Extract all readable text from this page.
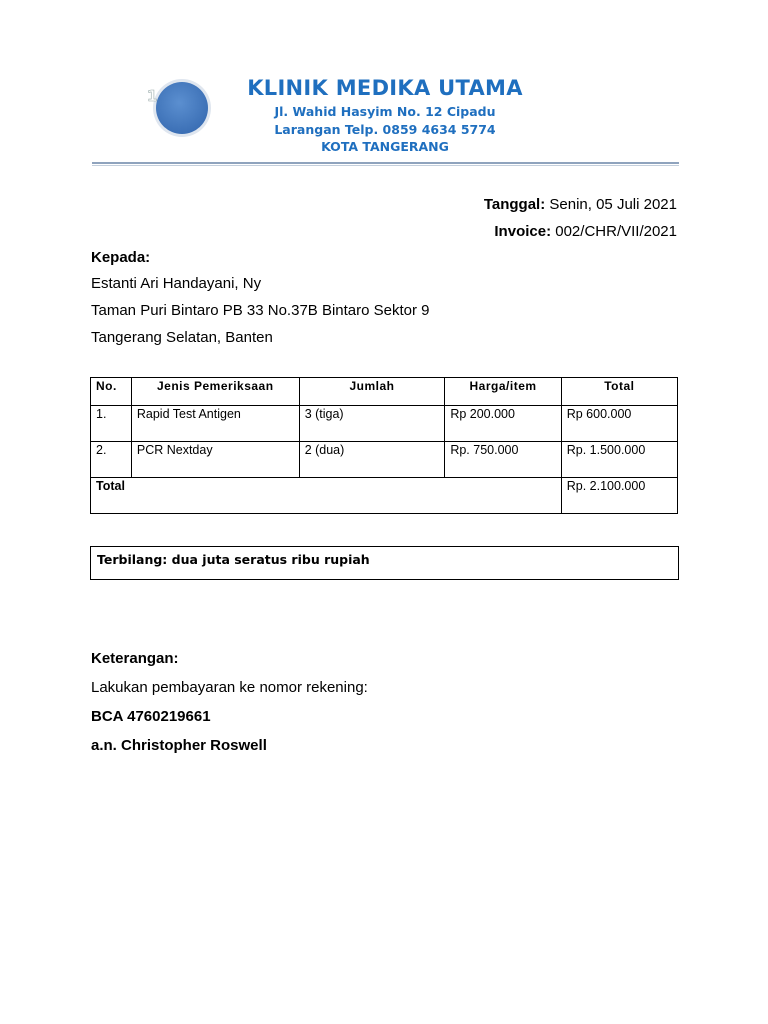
1	KLINIK MEDIKA UTAMA
Jl. Wahid Hasyim No. 12 Cipadu
Larangan Telp. 0859 4634 5774
KOTA TANGERANG
Tanggal: Senin, 05 Juli 2021
Invoice: 002/CHR/VII/2021
Kepada:
Estanti Ari Handayani, Ny
Taman Puri Bintaro PB 33 No.37B Bintaro Sektor 9
Tangerang Selatan, Banten
No.	Jenis Pemeriksaan	Jumlah	Harga/item	Total
1.	Rapid Test Antigen	3 (tiga)	Rp 200.000	Rp 600.000
2.	PCR Nextday	2 (dua)	Rp. 750.000	Rp. 1.500.000
Total				Rp. 2.100.000
Terbilang: dua juta seratus ribu rupiah
Keterangan:
Lakukan pembayaran ke nomor rekening:
BCA 4760219661
a.n. Christopher Roswell
